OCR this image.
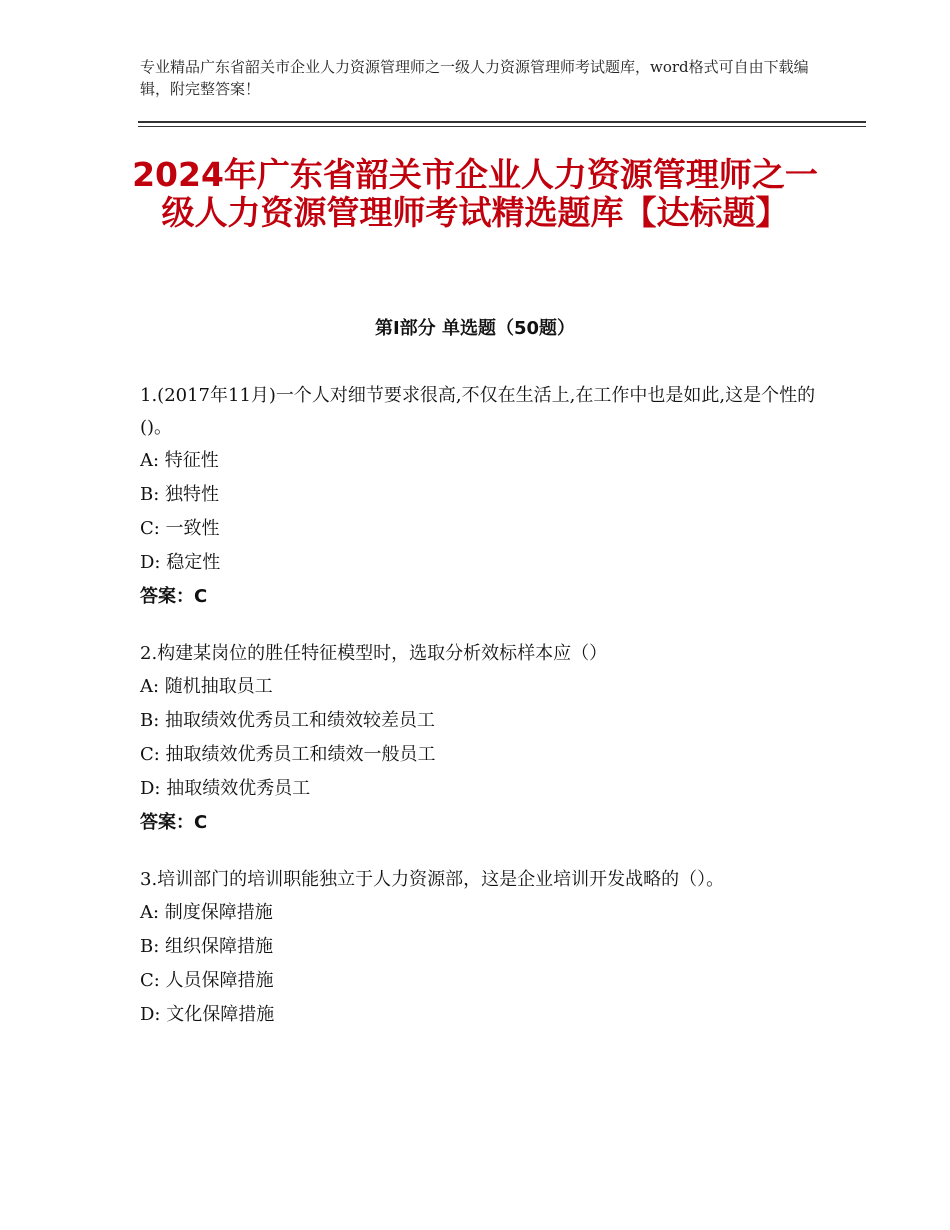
专业精品广东省韶关市企业人力资源管理师之一级人力资源管理师考试题库，word格式可自由下载编辑，附完整答案！
2024年广东省韶关市企业人力资源管理师之一级人力资源管理师考试精选题库【达标题】
第Ⅰ部分 单选题（50题）

1.(2017年11月)一个人对细节要求很高,不仅在生活上,在工作中也是如此,这是个性的()。

A: 特征性

B: 独特性

C: 一致性

D: 稳定性

答案：C

2.构建某岗位的胜任特征模型时，选取分析效标样本应（）

A: 随机抽取员工

B: 抽取绩效优秀员工和绩效较差员工

C: 抽取绩效优秀员工和绩效一般员工

D: 抽取绩效优秀员工

答案：C

3.培训部门的培训职能独立于人力资源部，这是企业培训开发战略的（）。

A: 制度保障措施

B: 组织保障措施

C: 人员保障措施

D: 文化保障措施
